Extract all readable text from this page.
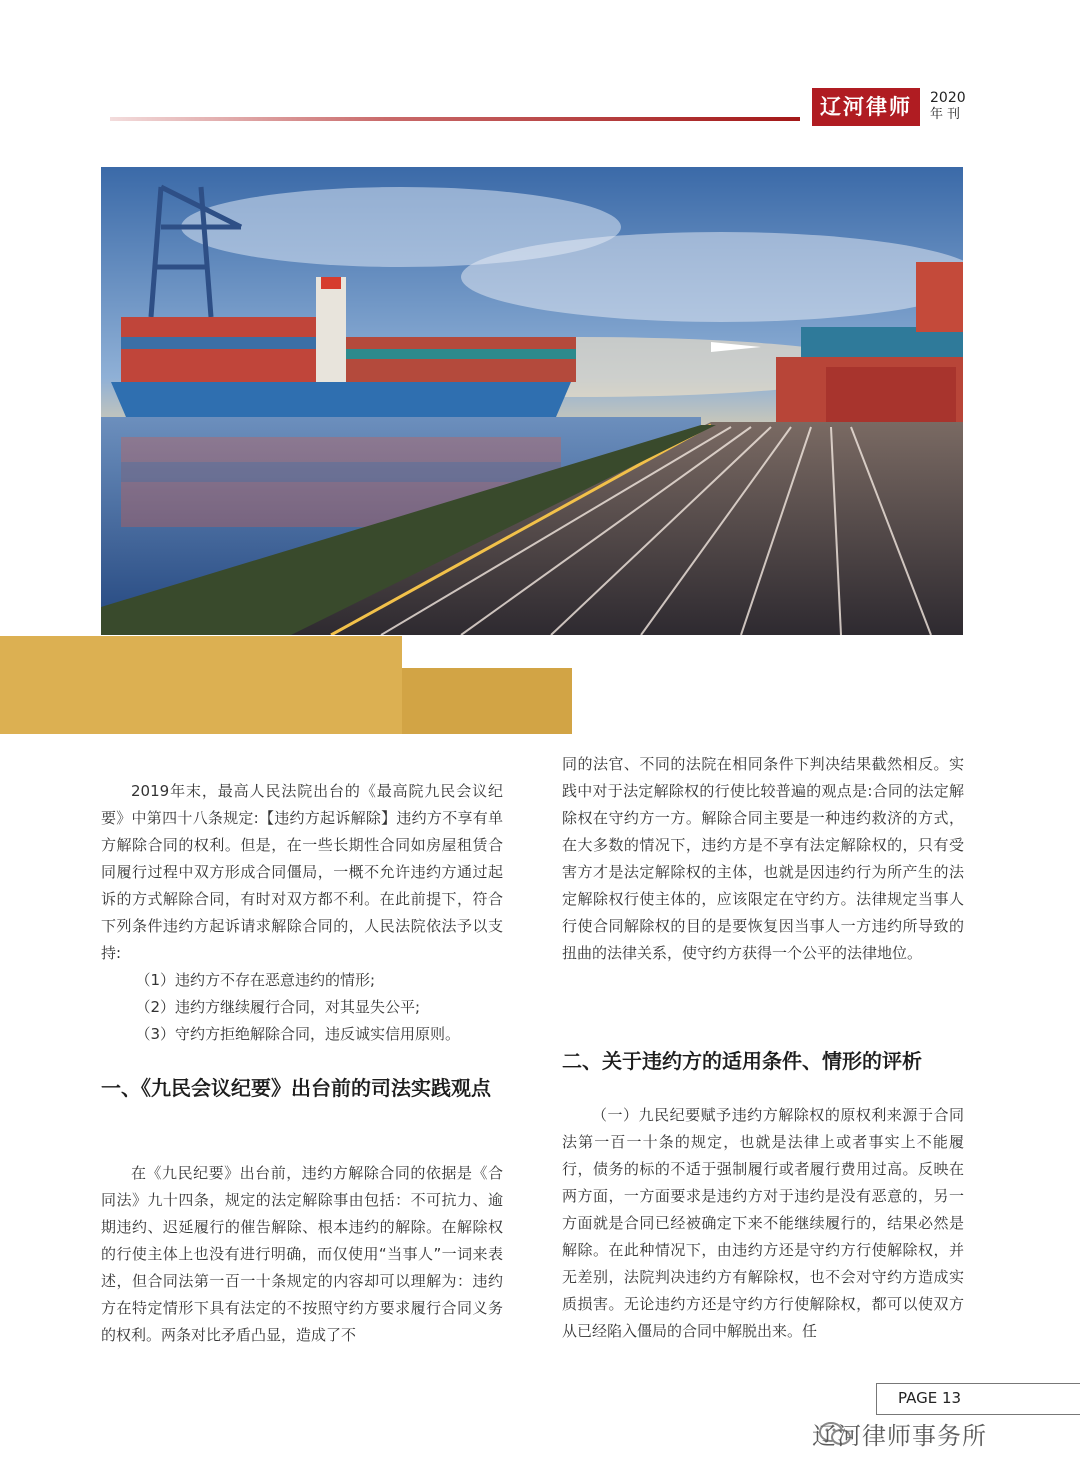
辽河律师	2020
年刊

2019年末，最高人民法院出台的《最高院九民会议纪要》中第四十八条规定:【违约方起诉解除】违约方不享有单方解除合同的权利。但是，在一些长期性合同如房屋租赁合同履行过程中双方形成合同僵局，一概不允许违约方通过起诉的方式解除合同，有时对双方都不利。在此前提下，符合下列条件违约方起诉请求解除合同的，人民法院依法予以支持:

（1）违约方不存在恶意违约的情形;

（2）违约方继续履行合同，对其显失公平;

（3）守约方拒绝解除合同，违反诚实信用原则。

一、《九民会议纪要》出台前的司法实践观点

在《九民纪要》出台前，违约方解除合同的依据是《合同法》九十四条，规定的法定解除事由包括：不可抗力、逾期违约、迟延履行的催告解除、根本违约的解除。在解除权的行使主体上也没有进行明确，而仅使用“当事人”一词来表述，但合同法第一百一十条规定的内容却可以理解为：违约方在特定情形下具有法定的不按照守约方要求履行合同义务的权利。两条对比矛盾凸显，造成了不

同的法官、不同的法院在相同条件下判决结果截然相反。实践中对于法定解除权的行使比较普遍的观点是:合同的法定解除权在守约方一方。解除合同主要是一种违约救济的方式，在大多数的情况下，违约方是不享有法定解除权的，只有受害方才是法定解除权的主体，也就是因违约行为所产生的法定解除权行使主体的，应该限定在守约方。法律规定当事人行使合同解除权的目的是要恢复因当事人一方违约所导致的扭曲的法律关系，使守约方获得一个公平的法律地位。

二、关于违约方的适用条件、情形的评析

（一）九民纪要赋予违约方解除权的原权利来源于合同法第一百一十条的规定，也就是法律上或者事实上不能履行，债务的标的不适于强制履行或者履行费用过高。反映在两方面，一方面要求是违约方对于违约是没有恶意的，另一方面就是合同已经被确定下来不能继续履行的，结果必然是解除。在此种情况下，由违约方还是守约方行使解除权，并无差别，法院判决违约方有解除权，也不会对守约方造成实质损害。无论违约方还是守约方行使解除权，都可以使双方从已经陷入僵局的合同中解脱出来。任

PAGE 13
辽河律师事务所
